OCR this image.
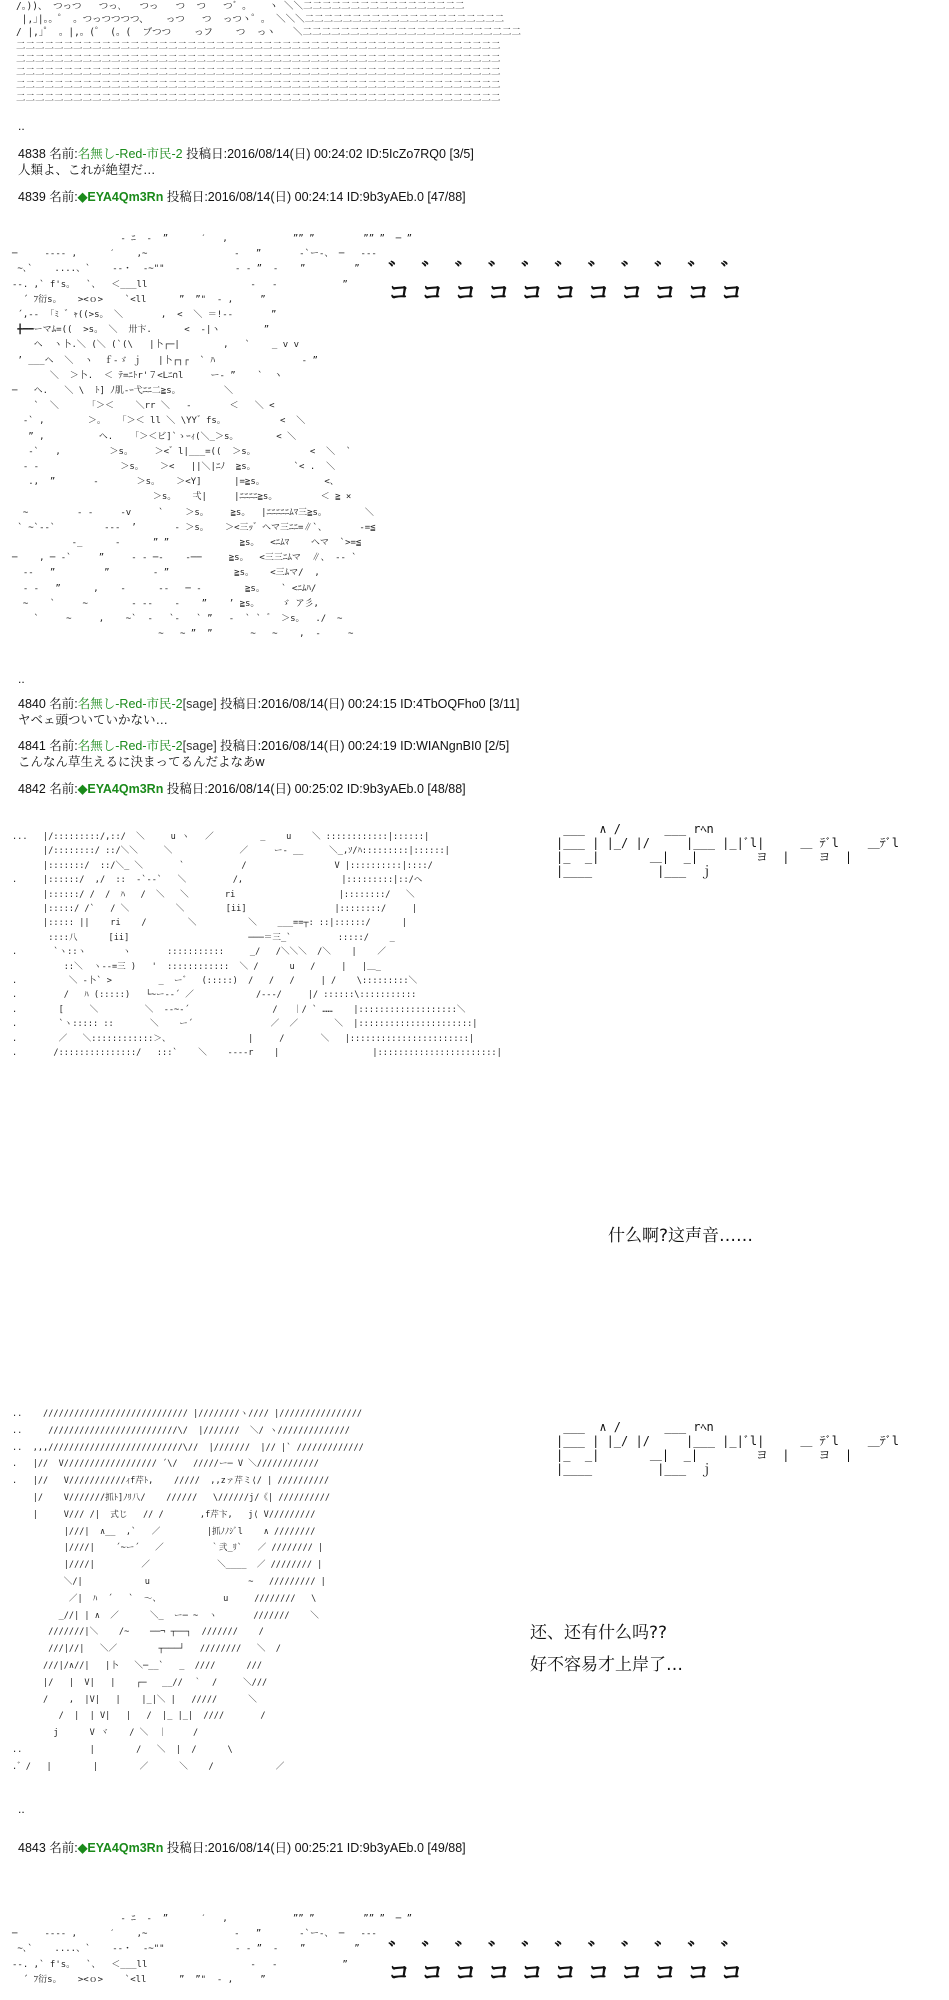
/。))、 つっつ   つっ､   つっ   つ  つ   つ゛。   ヽ ＼＼二二二二二二二二二二二二二二二二二
|,｣|。。゜ 。つっつつつつ、   っつ   つ  っつヽ゜。 ＼＼＼二二二二二二二二二二二二二二二二二二二二二
/ |,｣゜ 。|,。(゜ (。(  ブつつ    っフ    つ  っヽ   ＼二二二二二二二二二二二二二二二二二二二二二二二
二二二二二二二二二二二二二二二二二二二二二二二二二二二二二二二二二二二二二二二二二二二二二二二二二二二
二二二二二二二二二二二二二二二二二二二二二二二二二二二二二二二二二二二二二二二二二二二二二二二二二二二
二二二二二二二二二二二二二二二二二二二二二二二二二二二二二二二二二二二二二二二二二二二二二二二二二二二
二二二二二二二二二二二二二二二二二二二二二二二二二二二二二二二二二二二二二二二二二二二二二二二二二二二
二二二二二二二二二二二二二二二二二二二二二二二二二二二二二二二二二二二二二二二二二二二二二二二二二二二
..
4838 名前:名無し-Red-市民-2 投稿日:2016/08/14(日) 00:24:02 ID:5IcZo7RQ0 [3/5]
人類よ、これが絶望だ…
4839 名前:◆EYA4Qm3Rn 投稿日:2016/08/14(日) 00:24:14 ID:9b3yAEb.0 [47/88]
- ﾆ  -  ”      ′   ,            ”” ”         ”” ”  ─ ”
─     ‐--- ,      ′    ,~                ‐   ”       ‐`ー‐、 ─   ‐--
~､`    ....、`    ‐-・  ‐~""             - - ”  -    ”         ”
--. ,` f's。  `、  ＜___ll                   ‐   ‐            ”
´ ﾌ衍s。   ><ｏ>    `<ll      ”  ”"  ‐ ,     ”
´,--  ｢ﾐ ゛ｬ((>s。 ＼       ,  <  ＼ ＝!-‐       ”
╋━━ーマﾑ=((  >s。 ＼  卅卞.      <  ‐|ヽ        ”
ヘ  ヽ卜.＼ (＼ (`(\   |卜┌─|        ,   `    _ v v
’ ___ヘ  ＼  ヽ  ｆ-ゞ ｊ   |卜┌┐┌  ` ﾊ                ‐ ”
＼  ＞卜.  ＜ ﾃ=ﾆﾄr'７<Lﾆ∩l     ー‐ ”    `  ヽ
─   ヘ.   ＼ \  ﾄ] ﾉ肌‐ｰ弋ﾆﾆ二≧s。        ＼
`  ＼      ｢＞＜    ＼rr ＼   ‐       ＜   ＼ <
-` ,        ＞。   ｢＞＜ ll ＼ \YY゛fs。          <  ＼
” ,          ヘ.    ｢＞＜ビ]`ゝｰｨ(＼_＞s。       < ＼
-`   ,         ＞s。    ＞<゛l|___=((  ＞s。          <  ＼  `
- ‐               ＞s。   ＞<   ||＼|ﾆﾉ  ≧s。       `< .  ＼
.,  ”       ‐       ＞s。   ＞<Y]      |=≧s。           <、
＞s。   弌|     |ﾆﾆﾆﾆ≧s。        ＜ ≧ ×
~         ‐ -     ‐v     `    ＞s。    ≧s。  |ﾆﾆﾆﾆﾆﾑﾏ三≧s。       ＼
` ~`--`         ‐-‐  ’       ‐ ＞s。   ＞<三ｯ゛ヘマ三ﾆﾆ=∥`、      -=≦
-_      ‐      ” ”             ≧s。  <ﾆﾑﾏ    ヘマ  `>=≦
─    , ─ -`     ”     - ‐ ─‐    ‐──     ≧s。  <三三ﾆﾑマ  ∥、 -- `
--   ”         ”        ‐ ”            ≧s。   <三ﾑマ/  ,
- -   ”      ,    ‐      ‐‐   ─ -        ≧s。   ` <ﾆﾑﾊ/
~    `     ~        ‐ -‐    ‐    ”    ’ ≧s。    ゞ ア彡,
`     ~     ,    ~`  -   `‐   ` ”   ‐  ` ` ゛ ＞s。  ./  ~
~   ~ ”  ”       ~   ~    ,  ‐     ~
゛ ゛ ゛ ゛ ゛ ゛ ゛ ゛ ゛ ゛ ゛
コ コ コ コ コ コ コ コ コ コ コ
..
4840 名前:名無し-Red-市民-2[sage] 投稿日:2016/08/14(日) 00:24:15 ID:4TbOQFho0 [3/11]
ヤベェ頭ついていかない…
4841 名前:名無し-Red-市民-2[sage] 投稿日:2016/08/14(日) 00:24:19 ID:WIANgnBI0 [2/5]
こんなん草生えるに決まってるんだよなあw
4842 名前:◆EYA4Qm3Rn 投稿日:2016/08/14(日) 00:25:02 ID:9b3yAEb.0 [48/88]
...   |/:::::::::/,::/  ＼     u ヽ   ／         _    u    ＼ ::::::::::::|::::::|
|/::::::::/ ::/＼＼     ＼             ／     ー- __     ＼_,ｿ/ﾊ:::::::::|::::::|
|:::::::/  ::/＼_ ＼       `           /                 V |::::::::::|::::/
.     |::::::/  ,/  ::  ‐`‐-`   ＼         /,                   |:::::::::|::/ヘ
|::::::/ /  /  ﾊ   /  ＼   ＼       ri                    |::::::::/   ＼
|:::::/ /`   / ＼         ＼        [ii]                 |::::::::/     |
|::::: ||    ri    /        ＼          ＼    ___==┬: ::|::::::/      |
::::八      [ii]                       ───＝三_`         :::::/    _
.       `ヽ::ヽ       ヽ       :::::::::::     _/   /＼＼＼  /＼    |    ／
::＼  ヽ--=三 )   '  ::::::::::::  ＼ /      u   /     |   |＿_
.          ＼ ‐卜` >         _  ー゛  (:::::)  /   /   /     | /    \:::::::::＼
.         /   ﾊ (:::::)   └~ー-‐´ ／            /‐-‐/     |/ ::::::\:::::::::::
.        [     ＼         ＼  ‐-~‐´                /   ｜/ ` ……    |:::::::::::::::::::＼
.        `ヽ::::: ::       ＼    ー´               ／  ／       ＼  |::::::::::::::::::::::|
.        ／   ＼::::::::::::＞、               |     /       ＼   |:::::::::::::::::::::::|
.       /:::::::::::::::/   :::`    ＼    ----r    |                  |:::::::::::::::::::::::|
___  ∧ /      ___ rﾍn
|___ | |_/ |/     |___ |_|ﾞl|     ＿ ﾃﾞl    ＿ﾃﾞl
|_  _|       ＿|  _|        ヨ  |    ヨ  |
|____         |___  ｊ
什么啊?这声音……
..    //////////////////////////// |////////ヽ//// |////////////////
..     /////////////////////////\/  |///////  ＼/ ヽ//////////////
..  ,,,//////////////////////////\//  |///////  |// |` /////////////
.   |//  V////////////////// ´\/   /////ー─ V ＼////////////
.   |//   V///////////ｨf芹ﾄ,    /////  ,,zァ芹ミ⟨/ | //////////
|/    V///////抓ﾄ]ﾉﾘ八/    //////   \//////j/《| //////////
|     V/// /|  式じ   // /       ,f芹卞,   j⟨ V/////////
|///|  ∧__  ,`   ／         |抓ﾉﾉｼﾞl    ∧ ////////
|////|    ´~ー´   ／         ｀弐_ﾘ`   ／ //////// |
|////|         ／             ＼____  ／ //////// |
＼/|            u                   ~   ///////// |
／|  ﾊ  ´   `  ～、            u     ////////   \
_//| | ∧  ／      ＼_  ー─ ~  ヽ       ///////    ＼
///////|＼    /~    ──¬ ┬──┐  ///////    /
///|//|   ＼／        ┬───┘   ////////   ＼  /
///|/∧//|   |卜   ＼─__`   _  ////      ///
|/   |  V|   |    ┌─   __//  ｀  /     ＼///
/    ,  |V|   |    |_|＼ |   /////      ＼
/  |  | V|   |   /  |_ |_|  ////       /
j      V ヾ    / ＼  ｜     /
..             |        /   ＼  |  /      \
.゛/   |        |        ／      ＼    /            ／
___  ∧ /      ___ rﾍn
|___ | |_/ |/     |___ |_|ﾞl|     ＿ ﾃﾞl    ＿ﾃﾞl
|_  _|       ＿|  _|        ヨ  |    ヨ  |
|____         |___  ｊ
还、还有什么吗??
好不容易才上岸了…
..
4843 名前:◆EYA4Qm3Rn 投稿日:2016/08/14(日) 00:25:21 ID:9b3yAEb.0 [49/88]
- ﾆ  -  ”      ′   ,            ”” ”         ”” ”  ─ ”
─     ‐--- ,      ′    ,~                ‐   ”       ‐`ー‐、 ─   ‐--
~､`    ....、`    ‐-・  ‐~""             - - ”  -    ”         ”
--. ,` f's。  `、  ＜___ll                   ‐   ‐            ”
´ ﾌ衍s。   ><ｏ>    `<ll      ”  ”"  ‐ ,     ”
゛ ゛ ゛ ゛ ゛ ゛ ゛ ゛ ゛ ゛ ゛
コ コ コ コ コ コ コ コ コ コ コ
